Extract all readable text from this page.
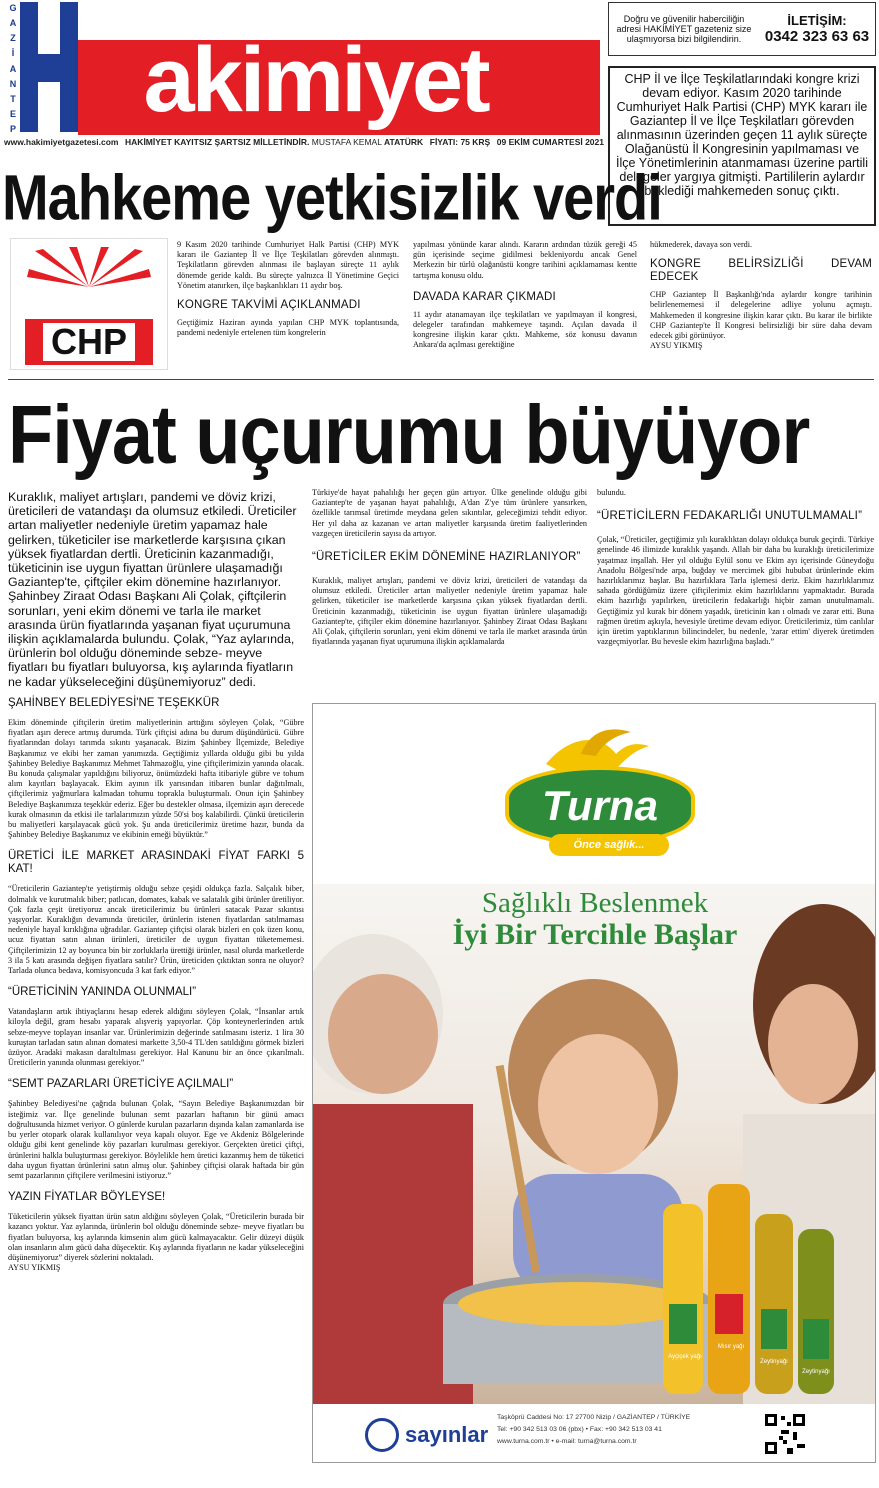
G
A
Z
İ
A
N
T
E
P	akimiyet
www.hakimiyetgazetesi.com HAKİMİYET KAYITSIZ ŞARTSIZ MİLLETİNDİR. MUSTAFA KEMAL ATATÜRK FİYATI: 75 KRŞ 09 EKİM CUMARTESİ 2021
Doğru ve güvenilir haberciliğin adresi HAKİMİYET gazeteniz size ulaşmıyorsa bizi bilgilendirin.
İLETİŞİM:
0342 323 63 63
CHP İl ve İlçe Teşkilatlarındaki kongre krizi devam ediyor. Kasım 2020 tarihinde Cumhuriyet Halk Partisi (CHP) MYK kararı ile Gaziantep İl ve İlçe Teşkilatları görevden alınmasının üzerinden geçen 11 aylık süreçte Olağanüstü İl Kongresinin yapılmaması ve İlçe Yönetimlerinin atanmaması üzerine partili delegeler yargıya gitmişti. Partililerin aylardır beklediği mahkemeden sonuç çıktı.
Mahkeme yetkisizlik verdi
CHP

9 Kasım 2020 tarihinde Cumhuriyet Halk Partisi (CHP) MYK kararı ile Gaziantep İl ve İlçe Teşkilatları görevden alınmıştı. Teşkilatların görevden alınması ile başlayan süreçte 11 aylık dönemde geride kaldı. Bu süreçte yalnızca İl Yönetimine Geçici Yönetim atanırken, ilçe başkanlıkları 11 aydır boş.

KONGRE TAKVİMİ AÇIKLANMADI

Geçtiğimiz Haziran ayında yapılan CHP MYK toplantısında, pandemi nedeniyle ertelenen tüm kongrelerin

yapılması yönünde karar alındı. Kararın ardından tüzük gereği 45 gün içerisinde seçime gidilmesi bekleniyordu ancak Genel Merkezin bir türlü olağanüstü kongre tarihini açıklamaması kentte tartışma konusu oldu.

DAVADA KARAR ÇIKMADI

11 aydır atanamayan ilçe teşkilatları ve yapılmayan il kongresi, delegeler tarafından mahkemeye taşındı. Açılan davada il kongresine ilişkin karar çıktı. Mahkeme, söz konusu davanın Ankara'da açılması gerektiğine

hükmederek, davaya son verdi.

KONGRE BELİRSİZLİĞİ DEVAM EDECEK

CHP Gaziantep İl Başkanlığı'nda aylardır kongre tarihinin belirlenememesi il delegelerine adliye yolunu açmıştı. Mahkemeden il kongresine ilişkin karar çıktı. Bu karar ile birlikte CHP Gaziantep'te İl Kongresi belirsizliği bir süre daha devam edecek gibi görünüyor.

AYSU YIKMIŞ

Fiyat uçurumu büyüyor
Kuraklık, maliyet artışları, pandemi ve döviz krizi, üreticileri de vatandaşı da olumsuz etkiledi. Üreticiler artan maliyetler nedeniyle üretim yapamaz hale gelirken, tüketiciler ise marketlerde karşısına çıkan yüksek fiyatlardan dertli. Üreticinin kazanmadığı, tüketicinin ise uygun fiyattan ürünlere ulaşamadığı Gaziantep'te, çiftçiler ekim dönemine hazırlanıyor. Şahinbey Ziraat Odası Başkanı Ali Çolak, çiftçilerin sorunları, yeni ekim dönemi ve tarla ile market arasında ürün fiyatlarında yaşanan fiyat uçurumuna ilişkin açıklamalarda bulundu. Çolak, “Yaz aylarında, ürünlerin bol olduğu döneminde sebze- meyve fiyatları bu fiyatları buluyorsa, kış aylarında fiyatların ne kadar yükseleceğini düşünemiyoruz” dedi.
ŞAHİNBEY BELEDİYESİ'NE TEŞEKKÜR

Ekim döneminde çiftçilerin üretim maliyetlerinin arttığını söyleyen Çolak, “Gübre fiyatları aşırı derece artmış durumda. Türk çiftçisi adına bu durum düşündürücü. Gübre fiyatlarından dolayı tarımda sıkıntı yaşanacak. Bizim Şahinbey İlçemizde, Belediye Başkanımız ve ekibi her zaman yanımızda. Geçtiğimiz yıllarda olduğu gibi bu yılda Şahinbey Belediye Başkanımız Mehmet Tahmazoğlu, yine çiftçilerimizin yanında olacak. Bu konuda çalışmalar yapıldığını biliyoruz, önümüzdeki hafta itibariyle gübre ve tohum alım kayıtları başlayacak. Ekim ayının ilk yarısından itibaren bunlar dağıtılmalı, çiftçilerimiz yağmurlara kalmadan tohumu toprakla buluşturmalı. Onun için Şahinbey Belediye Başkanımıza teşekkür ederiz. Eğer bu destekler olmasa, ilçemizin aşırı derecede kurak olmasının da etkisi ile tarlalarımızın yüzde 50'si boş kalabilirdi. Çünkü üreticilerin bu maliyetleri karşılayacak gücü yok. Şu anda üreticilerimiz üretime hazır, bunda da Şahinbey Belediye Başkanımız ve ekibinin emeği büyüktür.”

ÜRETİCİ İLE MARKET ARASINDAKİ FİYAT FARKI 5 KAT!

“Üreticilerin Gaziantep'te yetiştirmiş olduğu sebze çeşidi oldukça fazla. Salçalık biber, dolmalık ve kurutmalık biber; patlıcan, domates, kabak ve salatalık gibi ürünler üretiliyor. Çok fazla çeşit üretiyoruz ancak üreticilerimiz bu ürünleri satacak Pazar sıkıntısı yaşıyorlar. Kuraklığın devamında üreticiler, ürünlerin istenen fiyatlardan satılmaması nedeniyle hayal kırıklığına uğradılar. Gaziantep çiftçisi olarak bizleri en çok üzen konu, ucuz fiyattan satın alınan ürünleri, üreticiler de uygun fiyattan tüketememesi. Çiftçilerimizin 12 ay boyunca bin bir zorluklarla ürettiği ürünler, nasıl olurda marketlerde 3 ila 5 katı arasında değişen fiyatlara satılır? Ürün, üreticiden çıktıktan sonra ne oluyor? Tarlada olunca bedava, komisyoncuda 3 kat fark ediyor.”

“ÜRETİCİNİN YANINDA OLUNMALI”

Vatandaşların artık ihtiyaçlarını hesap ederek aldığını söyleyen Çolak, “İnsanlar artık kiloyla değil, gram hesabı yaparak alışveriş yapıyorlar. Çöp konteynerlerinden artık sebze-meyve toplayan insanlar var. Ürünlerimizin değerinde satılmasını isteriz. 1 lira 30 kuruştan tarladan satın alınan domatesi markette 3,50-4 TL'den satıldığını görmek bizleri üzüyor. Aradaki makasın daraltılması gerekiyor. Hal Kanunu bir an önce çıkarılmalı. Üreticilerin yanında olunması gerekiyor.”

“SEMT PAZARLARI ÜRETİCİYE AÇILMALI”

Şahinbey Belediyesi'ne çağrıda bulunan Çolak, “Sayın Belediye Başkanımızdan bir isteğimiz var. İlçe genelinde bulunan semt pazarları haftanın bir günü amacı doğrultusunda hizmet veriyor. O günlerde kurulan pazarların dışında kalan zamanlarda ise bu yerler otopark olarak kullanılıyor veya kapalı oluyor. Ege ve Akdeniz Bölgelerinde olduğu gibi kent genelinde köy pazarları kurulması gerekiyor. Gerçekten üretici çiftçi, ürünlerini halkla buluşturması gerekiyor. Böylelikle hem üretici kazanmış hem de tüketici daha uygun fiyattan ürünlerini satın almış olur. Şahinbey çiftçisi olarak haftada bir gün semt pazarlarının çiftçilere verilmesini istiyoruz.”

YAZIN FİYATLAR BÖYLEYSE!

Tüketicilerin yüksek fiyattan ürün satın aldığını söyleyen Çolak, “Üreticilerin burada bir kazancı yoktur. Yaz aylarında, ürünlerin bol olduğu döneminde sebze- meyve fiyatları bu fiyatları buluyorsa, kış aylarında kimsenin alım gücü kalmayacaktır. Gelir düzeyi düşük olan insanların alım gücü daha düşecektir. Kış aylarında fiyatların ne kadar yükseleceğini düşünemiyoruz” diyerek sözlerini noktaladı.

AYSU YIKMIŞ

Türkiye'de hayat pahalılığı her geçen gün artıyor. Ülke genelinde olduğu gibi Gaziantep'te de yaşanan hayat pahalılığı, A'dan Z'ye tüm ürünlere yansırken, özellikle tarımsal üretimde meydana gelen sıkıntılar, geleceğimizi tehdit ediyor. Her yıl daha az kazanan ve artan maliyetler karşısında üretim faaliyetlerinden vazgeçen üreticilerin sayısı da artıyor.

“ÜRETİCİLER EKİM DÖNEMİNE HAZIRLANIYOR”

Kuraklık, maliyet artışları, pandemi ve döviz krizi, üreticileri de vatandaşı da olumsuz etkiledi. Üreticiler artan maliyetler nedeniyle üretim yapamaz hale gelirken, tüketiciler ise marketlerde karşısına çıkan yüksek fiyatlardan dertli. Üreticinin kazanmadığı, tüketicinin ise uygun fiyattan ürünlere ulaşamadığı Gaziantep'te, çiftçiler ekim dönemine hazırlanıyor. Şahinbey Ziraat Odası Başkanı Ali Çolak, çiftçilerin sorunları, yeni ekim dönemi ve tarla ile market arasında ürün fiyatlarında yaşanan fiyat uçurumuna ilişkin açıklamalarda

bulundu.

“ÜRETİCİLERN FEDAKARLIĞI UNUTULMAMALI”

Çolak, “Üreticiler, geçtiğimiz yılı kuraklıktan dolayı oldukça buruk geçirdi. Türkiye genelinde 46 ilimizde kuraklık yaşandı. Allah bir daha bu kuraklığı üreticilerimize yaşatmaz inşallah. Her yıl olduğu Eylül sonu ve Ekim ayı içerisinde Güneydoğu Anadolu Bölgesi'nde arpa, buğday ve mercimek gibi hububat ürünlerinde ekim hazırlıklarımız başlar. Bu hazırlıklara Tarla işlemesi deriz. Ekim hazırlıklarımız sahada gördüğümüz üzere çiftçilerimiz ekim hazırlıklarını yapmaktadır. Burada ekim hazırlığı yapılırken, üreticilerin fedakarlığı hiçbir zaman unutulmamalı. Geçtiğimiz yıl kurak bir dönem yaşadık, üreticinin kan ı olmadı ve zarar etti. Buna rağmen üretim aşkıyla, hevesiyle üretime devam ediyor. Üreticilerimiz, tüm canlılar için üretim yaptıklarının bilincindeler, bu nedenle, 'zarar ettim' diyerek üretimden vazgeçmiyorlar. Bu hevesle ekim hazırlığına başladı.”

Turna
Önce sağlık...
Sağlıklı Beslenmek
İyi Bir Tercihle Başlar
Ayçiçek yağı
Mısır yağı
Zeytinyağı
Zeytinyağı
sayınlar
Taşköprü Caddesi No: 17 27700 Nizip / GAZİANTEP / TÜRKİYE
Tel: +90 342 513 03 06 (pbx) • Fax: +90 342 513 03 41
www.turna.com.tr • e-mail: turna@turna.com.tr
